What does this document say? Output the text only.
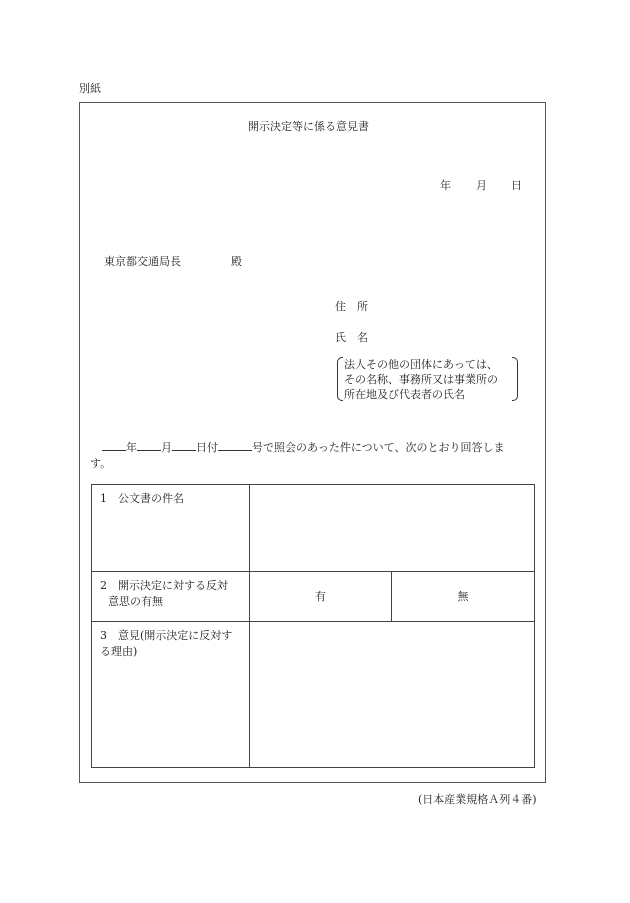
別紙
開示決定等に係る意見書
年 月 日
東京都交通局長	殿
住　所
氏　名
法人その他の団体にあっては、
その名称、事務所又は事業所の
所在地及び代表者の氏名
年 月 日付	号で照会のあった件について、次のとおり回答しま
す。
1　公文書の件名		

2　開示決定に対する反対
意思の有無	有	無

3　意見(開示決定に反対す
る理由)		

(日本産業規格Ａ列４番)
